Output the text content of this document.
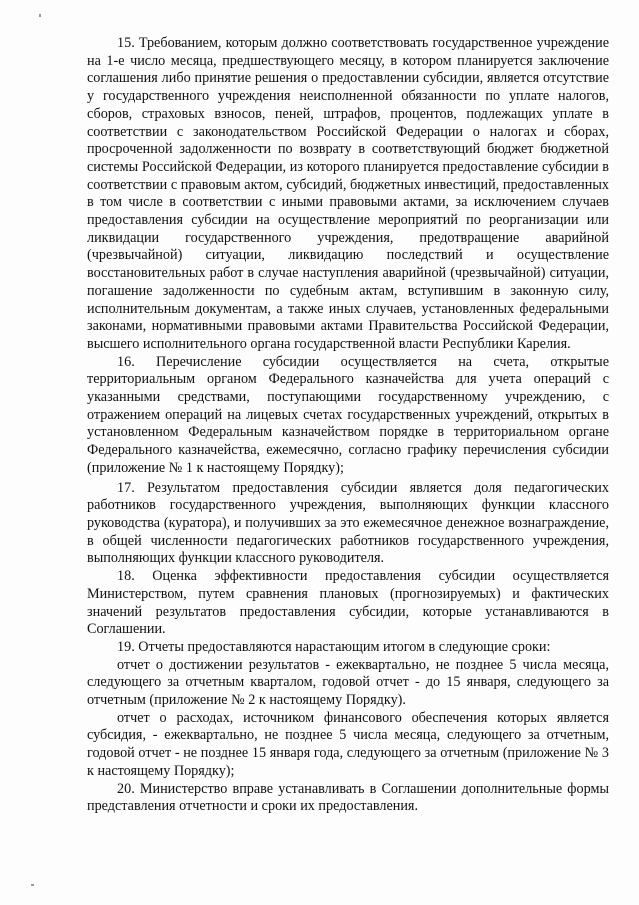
15. Требованием, которым должно соответствовать государственное учреждение на 1-е число месяца, предшествующего месяцу, в котором планируется заключение соглашения либо принятие решения о предоставлении субсидии, является отсутствие у государственного учреждения неисполненной обязанности по уплате налогов, сборов, страховых взносов, пеней, штрафов, процентов, подлежащих уплате в соответствии с законодательством Российской Федерации о налогах и сборах, просроченной задолженности по возврату в соответствующий бюджет бюджетной системы Российской Федерации, из которого планируется предоставление субсидии в соответствии с правовым актом, субсидий, бюджетных инвестиций, предоставленных в том числе в соответствии с иными правовыми актами, за исключением случаев предоставления субсидии на осуществление мероприятий по реорганизации или ликвидации государственного учреждения, предотвращение аварийной (чрезвычайной) ситуации, ликвидацию последствий и осуществление восстановительных работ в случае наступления аварийной (чрезвычайной) ситуации, погашение задолженности по судебным актам, вступившим в законную силу, исполнительным документам, а также иных случаев, установленных федеральными законами, нормативными правовыми актами Правительства Российской Федерации, высшего исполнительного органа государственной власти Республики Карелия.

16. Перечисление субсидии осуществляется на счета, открытые территориальным органом Федерального казначейства для учета операций с указанными средствами, поступающими государственному учреждению, с отражением операций на лицевых счетах государственных учреждений, открытых в установленном Федеральным казначейством порядке в территориальном органе Федерального казначейства, ежемесячно, согласно графику перечисления субсидии (приложение № 1 к настоящему Порядку);

17. Результатом предоставления субсидии является доля педагогических работников государственного учреждения, выполняющих функции классного руководства (куратора), и получивших за это ежемесячное денежное вознаграждение, в общей численности педагогических работников государственного учреждения, выполняющих функции классного руководителя.

18. Оценка эффективности предоставления субсидии осуществляется Министерством, путем сравнения плановых (прогнозируемых) и фактических значений результатов предоставления субсидии, которые устанавливаются в Соглашении.

19. Отчеты предоставляются нарастающим итогом в следующие сроки:

отчет о достижении результатов - ежеквартально, не позднее 5 числа месяца, следующего за отчетным кварталом, годовой отчет - до 15 января, следующего за отчетным (приложение № 2 к настоящему Порядку).

отчет о расходах, источником финансового обеспечения которых является субсидия, - ежеквартально, не позднее 5 числа месяца, следующего за отчетным, годовой отчет - не позднее 15 января года, следующего за отчетным (приложение № 3 к настоящему Порядку);

20. Министерство вправе устанавливать в Соглашении дополнительные формы представления отчетности и сроки их предоставления.
